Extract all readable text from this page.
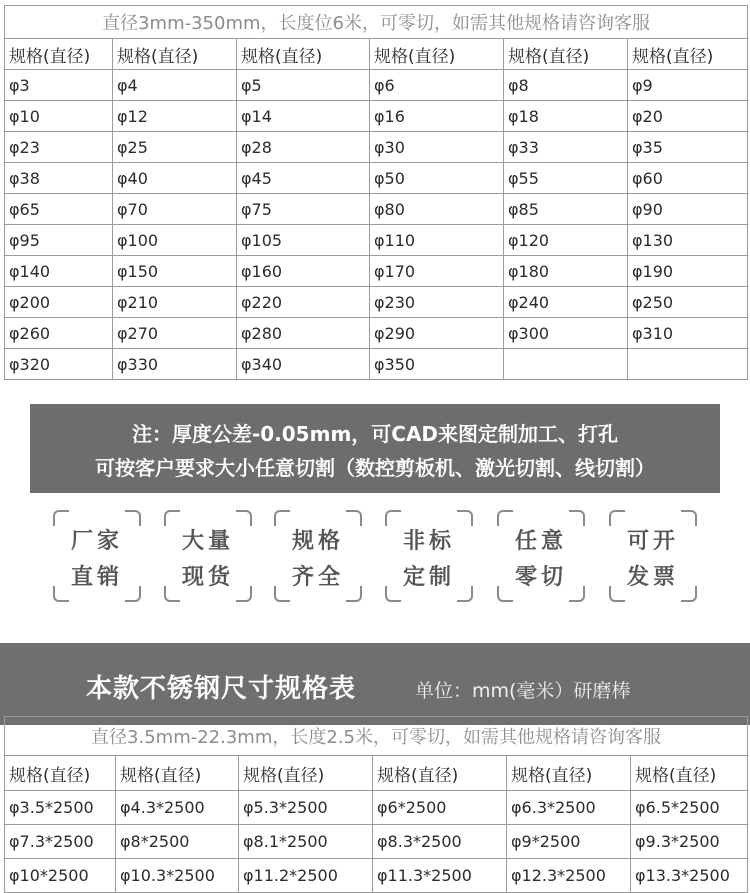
直径3mm-350mm，长度位6米，可零切，如需其他规格请咨询客服					
规格(直径)	规格(直径)	规格(直径)	规格(直径)	规格(直径)	规格(直径)
φ3	φ4	φ5	φ6	φ8	φ9
φ10	φ12	φ14	φ16	φ18	φ20
φ23	φ25	φ28	φ30	φ33	φ35
φ38	φ40	φ45	φ50	φ55	φ60
φ65	φ70	φ75	φ80	φ85	φ90
φ95	φ100	φ105	φ110	φ120	φ130
φ140	φ150	φ160	φ170	φ180	φ190
φ200	φ210	φ220	φ230	φ240	φ250
φ260	φ270	φ280	φ290	φ300	φ310
φ320	φ330	φ340	φ350		
注：厚度公差-0.05mm，可CAD来图定制加工、打孔
可按客户要求大小任意切割（数控剪板机、激光切割、线切割）
厂家
直销
大量
现货
规格
齐全
非标
定制
任意
零切
可开
发票
本款不锈钢尺寸规格表	单位：mm(毫米）研磨棒
直径3.5mm-22.3mm，长度2.5米，可零切，如需其他规格请咨询客服					
规格(直径)	规格(直径)	规格(直径)	规格(直径)	规格(直径)	规格(直径)
φ3.5*2500	φ4.3*2500	φ5.3*2500	φ6*2500	φ6.3*2500	φ6.5*2500
φ7.3*2500	φ8*2500	φ8.1*2500	φ8.3*2500	φ9*2500	φ9.3*2500
φ10*2500	φ10.3*2500	φ11.2*2500	φ11.3*2500	φ12.3*2500	φ13.3*2500
